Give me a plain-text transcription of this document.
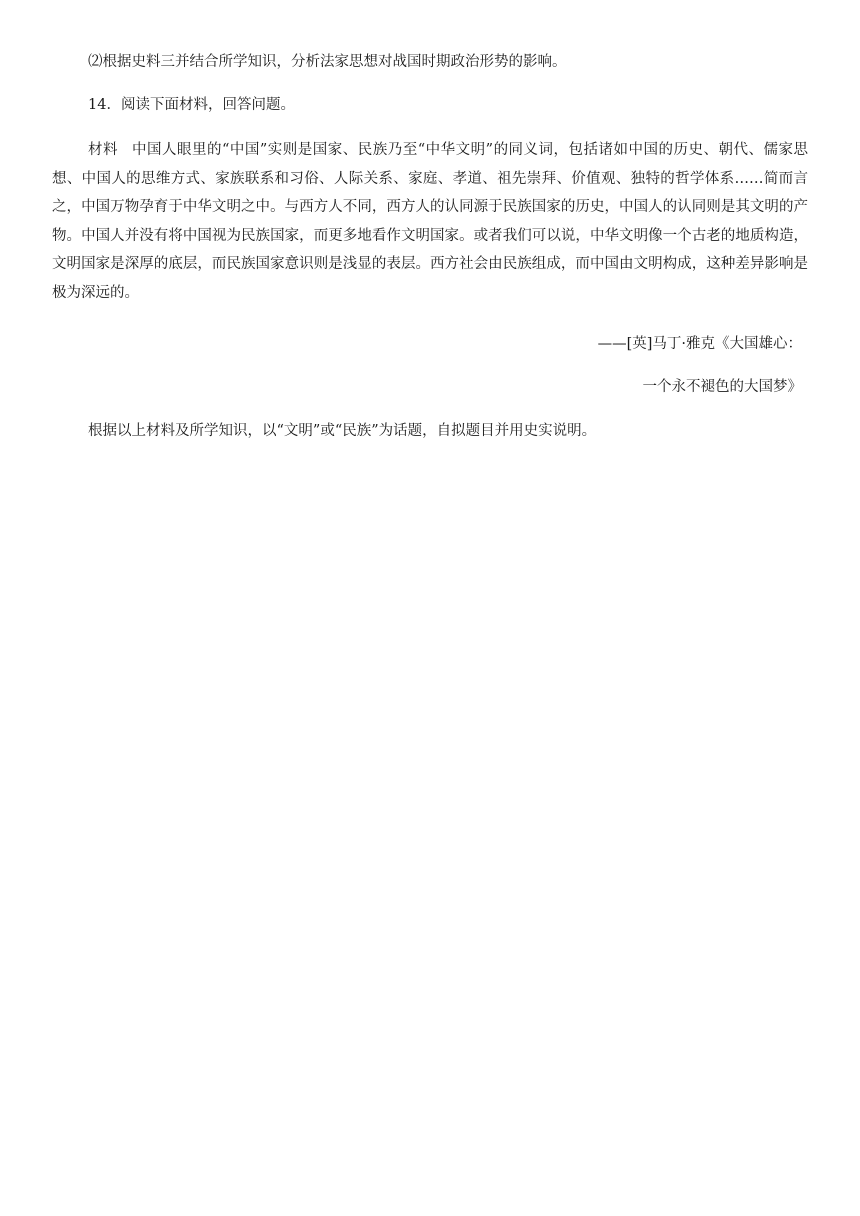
⑵根据史料三并结合所学知识，分析法家思想对战国时期政治形势的影响。

14．阅读下面材料，回答问题。

材料 中国人眼里的“中国”实则是国家、民族乃至“中华文明”的同义词，包括诸如中国的历史、朝代、儒家思想、中国人的思维方式、家族联系和习俗、人际关系、家庭、孝道、祖先崇拜、价值观、独特的哲学体系……简而言之，中国万物孕育于中华文明之中。与西方人不同，西方人的认同源于民族国家的历史，中国人的认同则是其文明的产物。中国人并没有将中国视为民族国家，而更多地看作文明国家。或者我们可以说，中华文明像一个古老的地质构造，文明国家是深厚的底层，而民族国家意识则是浅显的表层。西方社会由民族组成，而中国由文明构成，这种差异影响是极为深远的。

——[英]马丁·雅克《大国雄心：

一个永不褪色的大国梦》

根据以上材料及所学知识，以“文明”或“民族”为话题，自拟题目并用史实说明。
